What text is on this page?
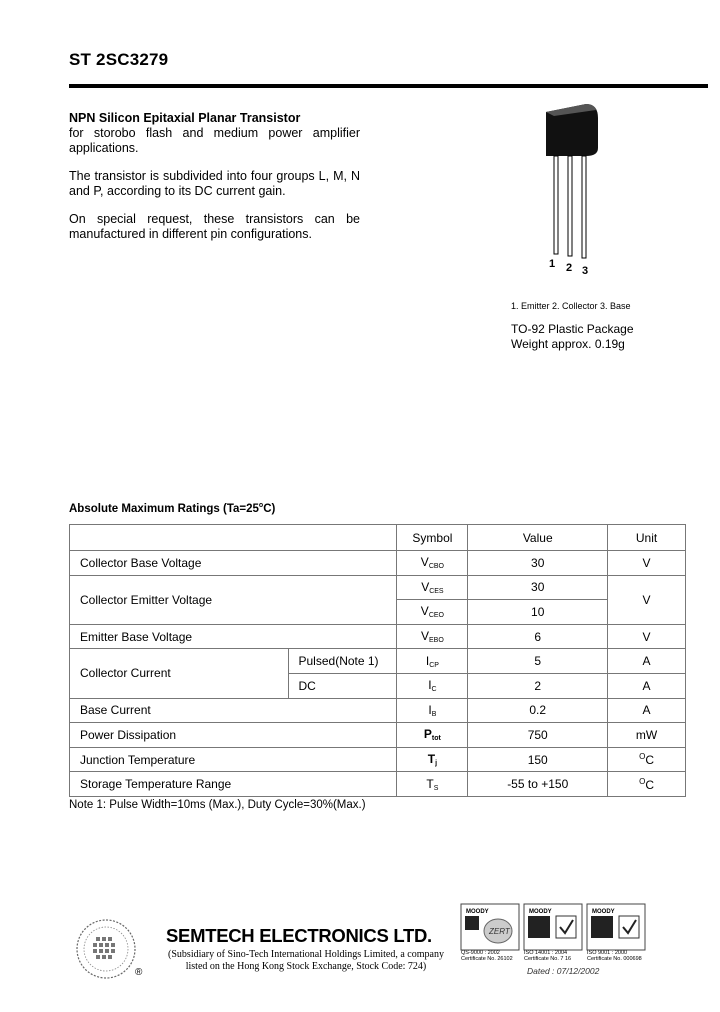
ST 2SC3279

NPN Silicon Epitaxial Planar Transistor

for storobo flash and medium power amplifier
applications.

The transistor is subdivided into four groups L, M, N and P, according to its DC current gain.

On special request, these transistors can be manufactured in different pin configurations.

1 2 3
1. Emitter 2. Collector 3. Base
TO-92 Plastic Package
Weight approx. 0.19g
Absolute Maximum Ratings $(Ta=25^oC)$
		Symbol	Value	Unit
Collector Base Voltage		$V_{CBO}$	30	V
Collector Emitter Voltage		$V_{CES}$	30	V
		$V_{CEO}$	10	
Emitter Base Voltage		$V_{EBO}$	6	V
Collector Current	Pulsed(Note 1)	$I_{CP}$	5	A
	DC	$I_C$	2	A
Base Current		$I_B$	0.2	A
Power Dissipation		$P_{tot}$	750	mW
Junction Temperature		$T_j$	150	$^O$C
Storage Temperature Range		$T_S$	-55 to +150	$^O$C
Note 1: Pulse Width=10ms (Max.), Duty Cycle=30%(Max.)
®
SEMTECH ELECTRONICS LTD.
(Subsidiary of Sino-Tech International Holdings Limited, a company
listed on the Hong Kong Stock Exchange, Stock Code: 724)
MOODY
ZERT
MOODY	MOODY
QS-9000 : 2002
Certificate No. 26102
ISO 14001 : 2004
Certificate No. 7 16
ISO 9001 : 2000
Certificate No. 000698
Dated : 07/12/2002
